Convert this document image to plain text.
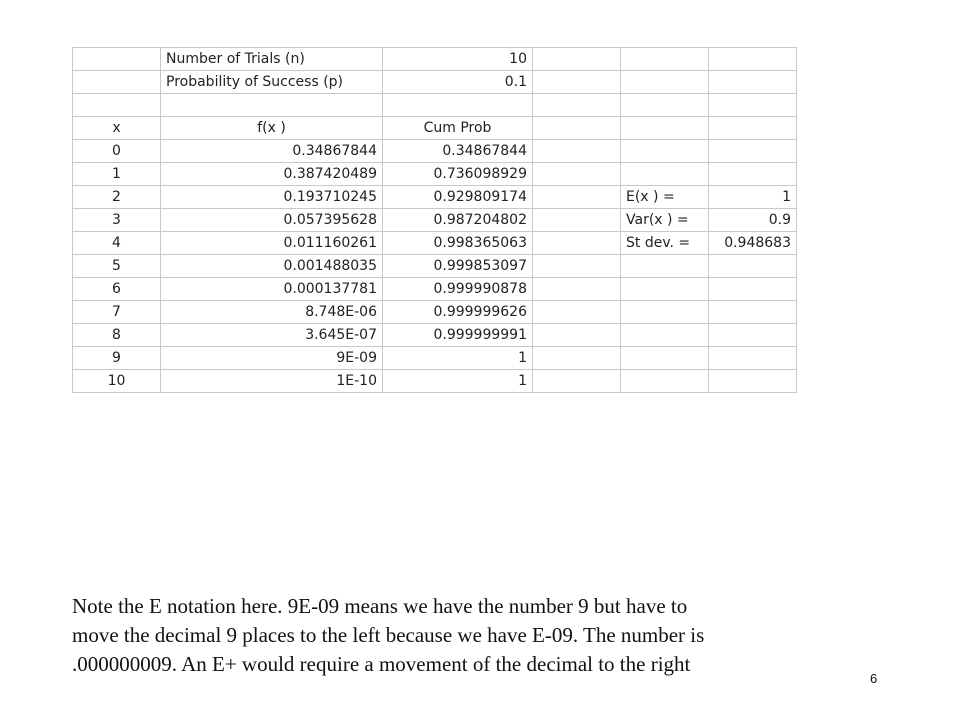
	Number of Trials (n)	10			
	Probability of Success (p)	0.1			

x	f(x )	Cum Prob			
0	0.34867844	0.34867844			
1	0.387420489	0.736098929			
2	0.193710245	0.929809174		E(x ) =	1
3	0.057395628	0.987204802		Var(x ) =	0.9
4	0.011160261	0.998365063		St dev. =	0.948683
5	0.001488035	0.999853097			
6	0.000137781	0.999990878			
7	8.748E-06	0.999999626			
8	3.645E-07	0.999999991			
9	9E-09	1			
10	1E-10	1			

Note the E notation here. 9E-09 means we have the number 9 but have to

move the decimal 9 places to the left because we have E-09. The number is

.000000009. An E+ would require a movement of the decimal to the right

6
